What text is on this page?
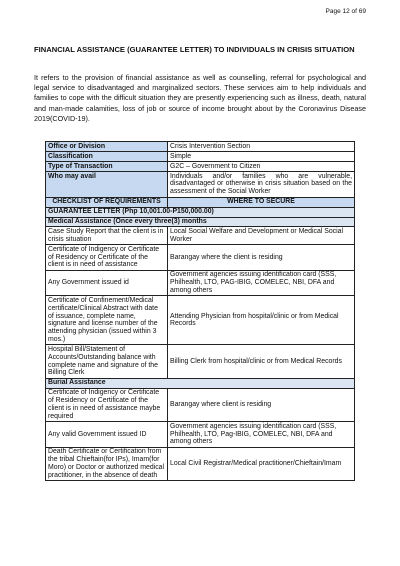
Page 12 of 69
FINANCIAL ASSISTANCE (GUARANTEE LETTER) TO INDIVIDUALS IN CRISIS SITUATION
It refers to the provision of financial assistance as well as counselling, referral for psychological and legal service to disadvantaged and marginalized sectors. These services aim to help individuals and families to cope with the difficult situation they are presently experiencing such as illness, death, natural and man-made calamities, loss of job or source of income brought about by the Coronavirus Disease 2019(COVID-19).
Office or Division	Crisis Intervention Section
Classification	Simple
Type of Transaction	G2C – Government to Citizen
Who may avail	Individuals and/or families who are vulnerable, disadvantaged or otherwise in crisis situation based on the assessment of the Social Worker
CHECKLIST OF REQUIREMENTS	WHERE TO SECURE
GUARANTEE LETTER (Php 10,001.00-P150,000.00)	
Medical Assistance (Once every three(3) months	
Case Study Report that the client is in crisis situation	Local Social Welfare and Development or Medical Social Worker
Certificate of Indigency or Certificate of Residency or Certificate of the client is in need of assistance	Barangay where the client is residing
Any Government issued id	Government agencies issuing identification card (SSS, Philhealth, LTO, PAG-IBIG, COMELEC, NBI, DFA and among others
Certificate of Confinement/Medical certificate/Clinical Abstract with date of issuance, complete name, signature and license number of the attending physician (issued within 3 mos.)	Attending Physician from hospital/clinic or from Medical Records
Hospital Bill/Statement of Accounts/Outstanding balance with complete name and signature of the Billing Clerk	Billing Clerk from hospital/clinic or from Medical Records
Burial Assistance	
Certificate of Indigency or Certificate of Residency or Certificate of the client is in need of assistance maybe required	Barangay where client is residing
Any valid Government issued ID	Government agencies issuing identification card (SSS, Philhealth, LTO, Pag-IBIG, COMELEC, NBI, DFA and among others
Death Certificate or Certification from the tribal Chieftain(for IPs), Imam(for Moro) or Doctor or authorized medical practitioner, in the absence of death	Local Civil Registrar/Medical practitioner/Chieftain/Imam
